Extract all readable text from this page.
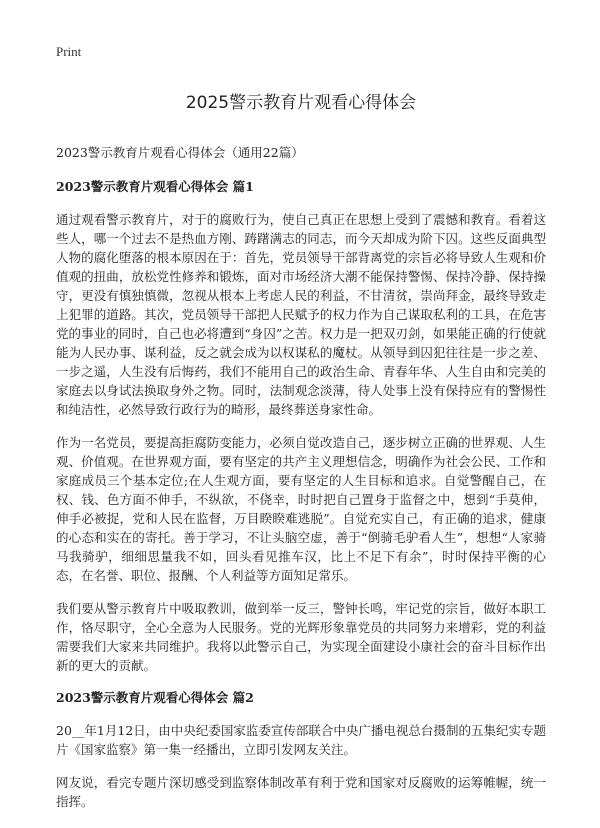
Print
2025警示教育片观看心得体会
2023警示教育片观看心得体会（通用22篇）
2023警示教育片观看心得体会 篇1

通过观看警示教育片，对于的腐败行为，使自己真正在思想上受到了震憾和教育。看着这些人，哪一个过去不是热血方刚、踌躇满志的同志，而今天却成为阶下囚。这些反面典型人物的腐化堕落的根本原因在于：首先，党员领导干部背离党的宗旨必将导致人生观和价值观的扭曲，放松党性修养和锻炼，面对市场经济大潮不能保持警惕、保持冷静、保持操守，更没有慎独慎微，忽视从根本上考虑人民的利益，不甘清贫，崇尚拜金，最终导致走上犯罪的道路。其次，党员领导干部把人民赋予的权力作为自己谋取私利的工具，在危害党的事业的同时，自己也必将遭到“身囚”之苦。权力是一把双刃剑，如果能正确的行使就能为人民办事、谋利益，反之就会成为以权谋私的魔杖。从领导到囚犯往往是一步之差、一步之遥，人生没有后悔药，我们不能用自己的政治生命、青春年华、人生自由和完美的家庭去以身试法换取身外之物。同时，法制观念淡薄，待人处事上没有保持应有的警惕性和纯洁性，必然导致行政行为的畸形，最终葬送身家性命。

作为一名党员，要提高拒腐防变能力，必须自觉改造自己，逐步树立正确的世界观、人生观、价值观。在世界观方面，要有坚定的共产主义理想信念，明确作为社会公民、工作和家庭成员三个基本定位;在人生观方面，要有坚定的人生目标和追求。自觉警醒自己，在权、钱、色方面不伸手，不纵欲，不侥幸，时时把自己置身于监督之中，想到“手莫伸，伸手必被捉，党和人民在监督，万目睽睽难逃脱”。自觉充实自己，有正确的追求，健康的心态和实在的寄托。善于学习，不让头脑空虚，善于“倒骑毛驴看人生”，想想“人家骑马我骑驴，细细思量我不如，回头看见推车汉，比上不足下有余”，时时保持平衡的心态，在名誉、职位、报酬、个人利益等方面知足常乐。

我们要从警示教育片中吸取教训，做到举一反三，警钟长鸣，牢记党的宗旨，做好本职工作，恪尽职守，全心全意为人民服务。党的光辉形象靠党员的共同努力来增彩，党的利益需要我们大家来共同维护。我将以此警示自己，为实现全面建设小康社会的奋斗目标作出新的更大的贡献。

2023警示教育片观看心得体会 篇2

20__年1月12日，由中央纪委国家监委宣传部联合中央广播电视总台摄制的五集纪实专题片《国家监察》第一集一经播出，立即引发网友关注。

网友说，看完专题片深切感受到监察体制改革有利于党和国家对反腐败的运筹帷幄，统一指挥。
